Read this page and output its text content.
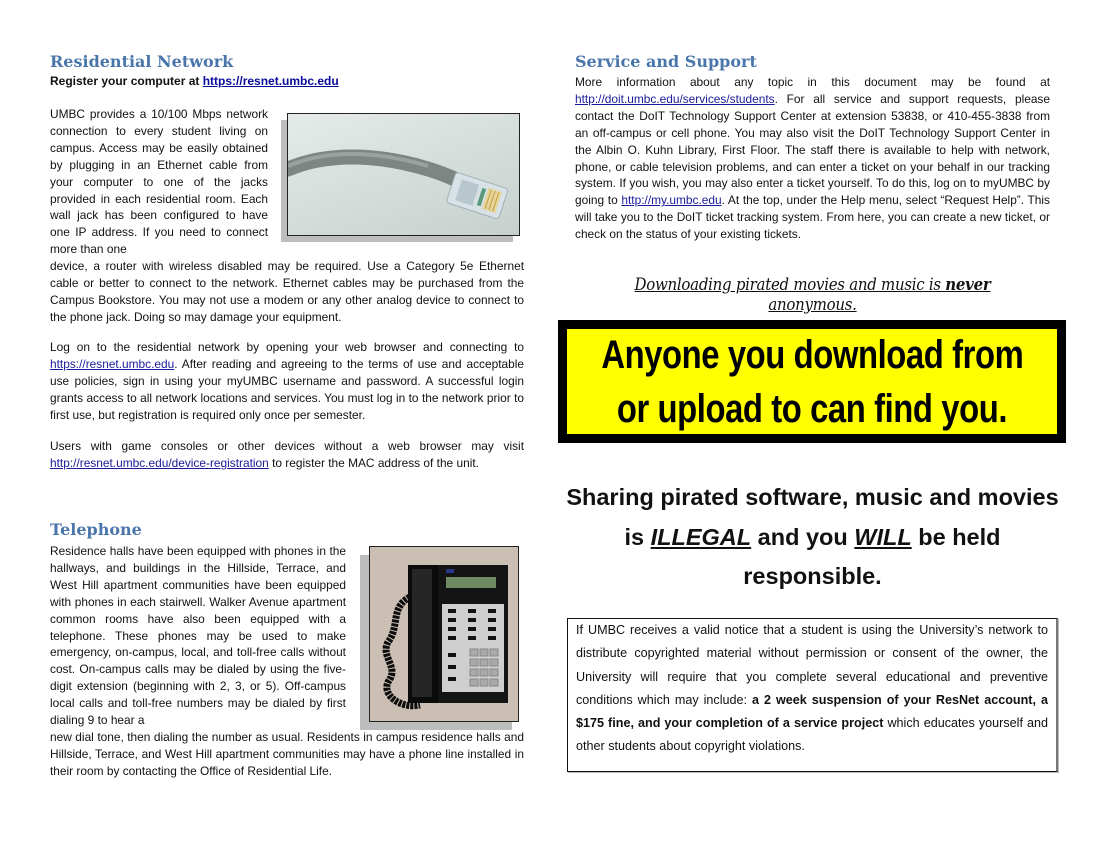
Residential Network

Register your computer at https://resnet.umbc.edu

UMBC provides a 10/100 Mbps network connection to every student living on campus. Access may be easily obtained by plugging in an Ethernet cable from your computer to one of the jacks provided in each residential room. Each wall jack has been configured to have one IP address. If you need to connect more than one

device, a router with wireless disabled may be required. Use a Category 5e Ethernet cable or better to connect to the network. Ethernet cables may be purchased from the Campus Bookstore. You may not use a modem or any other analog device to connect to the phone jack. Doing so may damage your equipment.

Log on to the residential network by opening your web browser and connecting to https://resnet.umbc.edu. After reading and agreeing to the terms of use and acceptable use policies, sign in using your myUMBC username and password. A successful login grants access to all network locations and services. You must log in to the network prior to first use, but registration is required only once per semester.

Users with game consoles or other devices without a web browser may visit http://resnet.umbc.edu/device-registration to register the MAC address of the unit.

Telephone

Residence halls have been equipped with phones in the hallways, and buildings in the Hillside, Terrace, and West Hill apartment communities have been equipped with phones in each stairwell. Walker Avenue apartment common rooms have also been equipped with a telephone. These phones may be used to make emergency, on-campus, local, and toll-free calls without cost. On-campus calls may be dialed by using the five-digit extension (beginning with 2, 3, or 5). Off-campus local calls and toll-free numbers may be dialed by first dialing 9 to hear a

new dial tone, then dialing the number as usual. Residents in campus residence halls and Hillside, Terrace, and West Hill apartment communities may have a phone line installed in their room by contacting the Office of Residential Life.

Service and Support

More information about any topic in this document may be found at http://doit.umbc.edu/services/students. For all service and support requests, please contact the DoIT Technology Support Center at extension 53838, or 410-455-3838 from an off-campus or cell phone. You may also visit the DoIT Technology Support Center in the Albin O. Kuhn Library, First Floor. The staff there is available to help with network, phone, or cable television problems, and can enter a ticket on your behalf in our tracking system. If you wish, you may also enter a ticket yourself. To do this, log on to myUMBC by going to http://my.umbc.edu. At the top, under the Help menu, select “Request Help”. This will take you to the DoIT ticket tracking system. From here, you can create a new ticket, or check on the status of your existing tickets.

Downloading pirated movies and music is never anonymous.
Anyone you download from
or upload to can find you.
Sharing pirated software, music and movies is ILLEGAL and you WILL be held responsible.
If UMBC receives a valid notice that a student is using the University’s network to distribute copyrighted material without permission or consent of the owner, the University will require that you complete several educational and preventive conditions which may include: a 2 week suspension of your ResNet account, a $175 fine, and your completion of a service project which educates yourself and other students about copyright violations.
